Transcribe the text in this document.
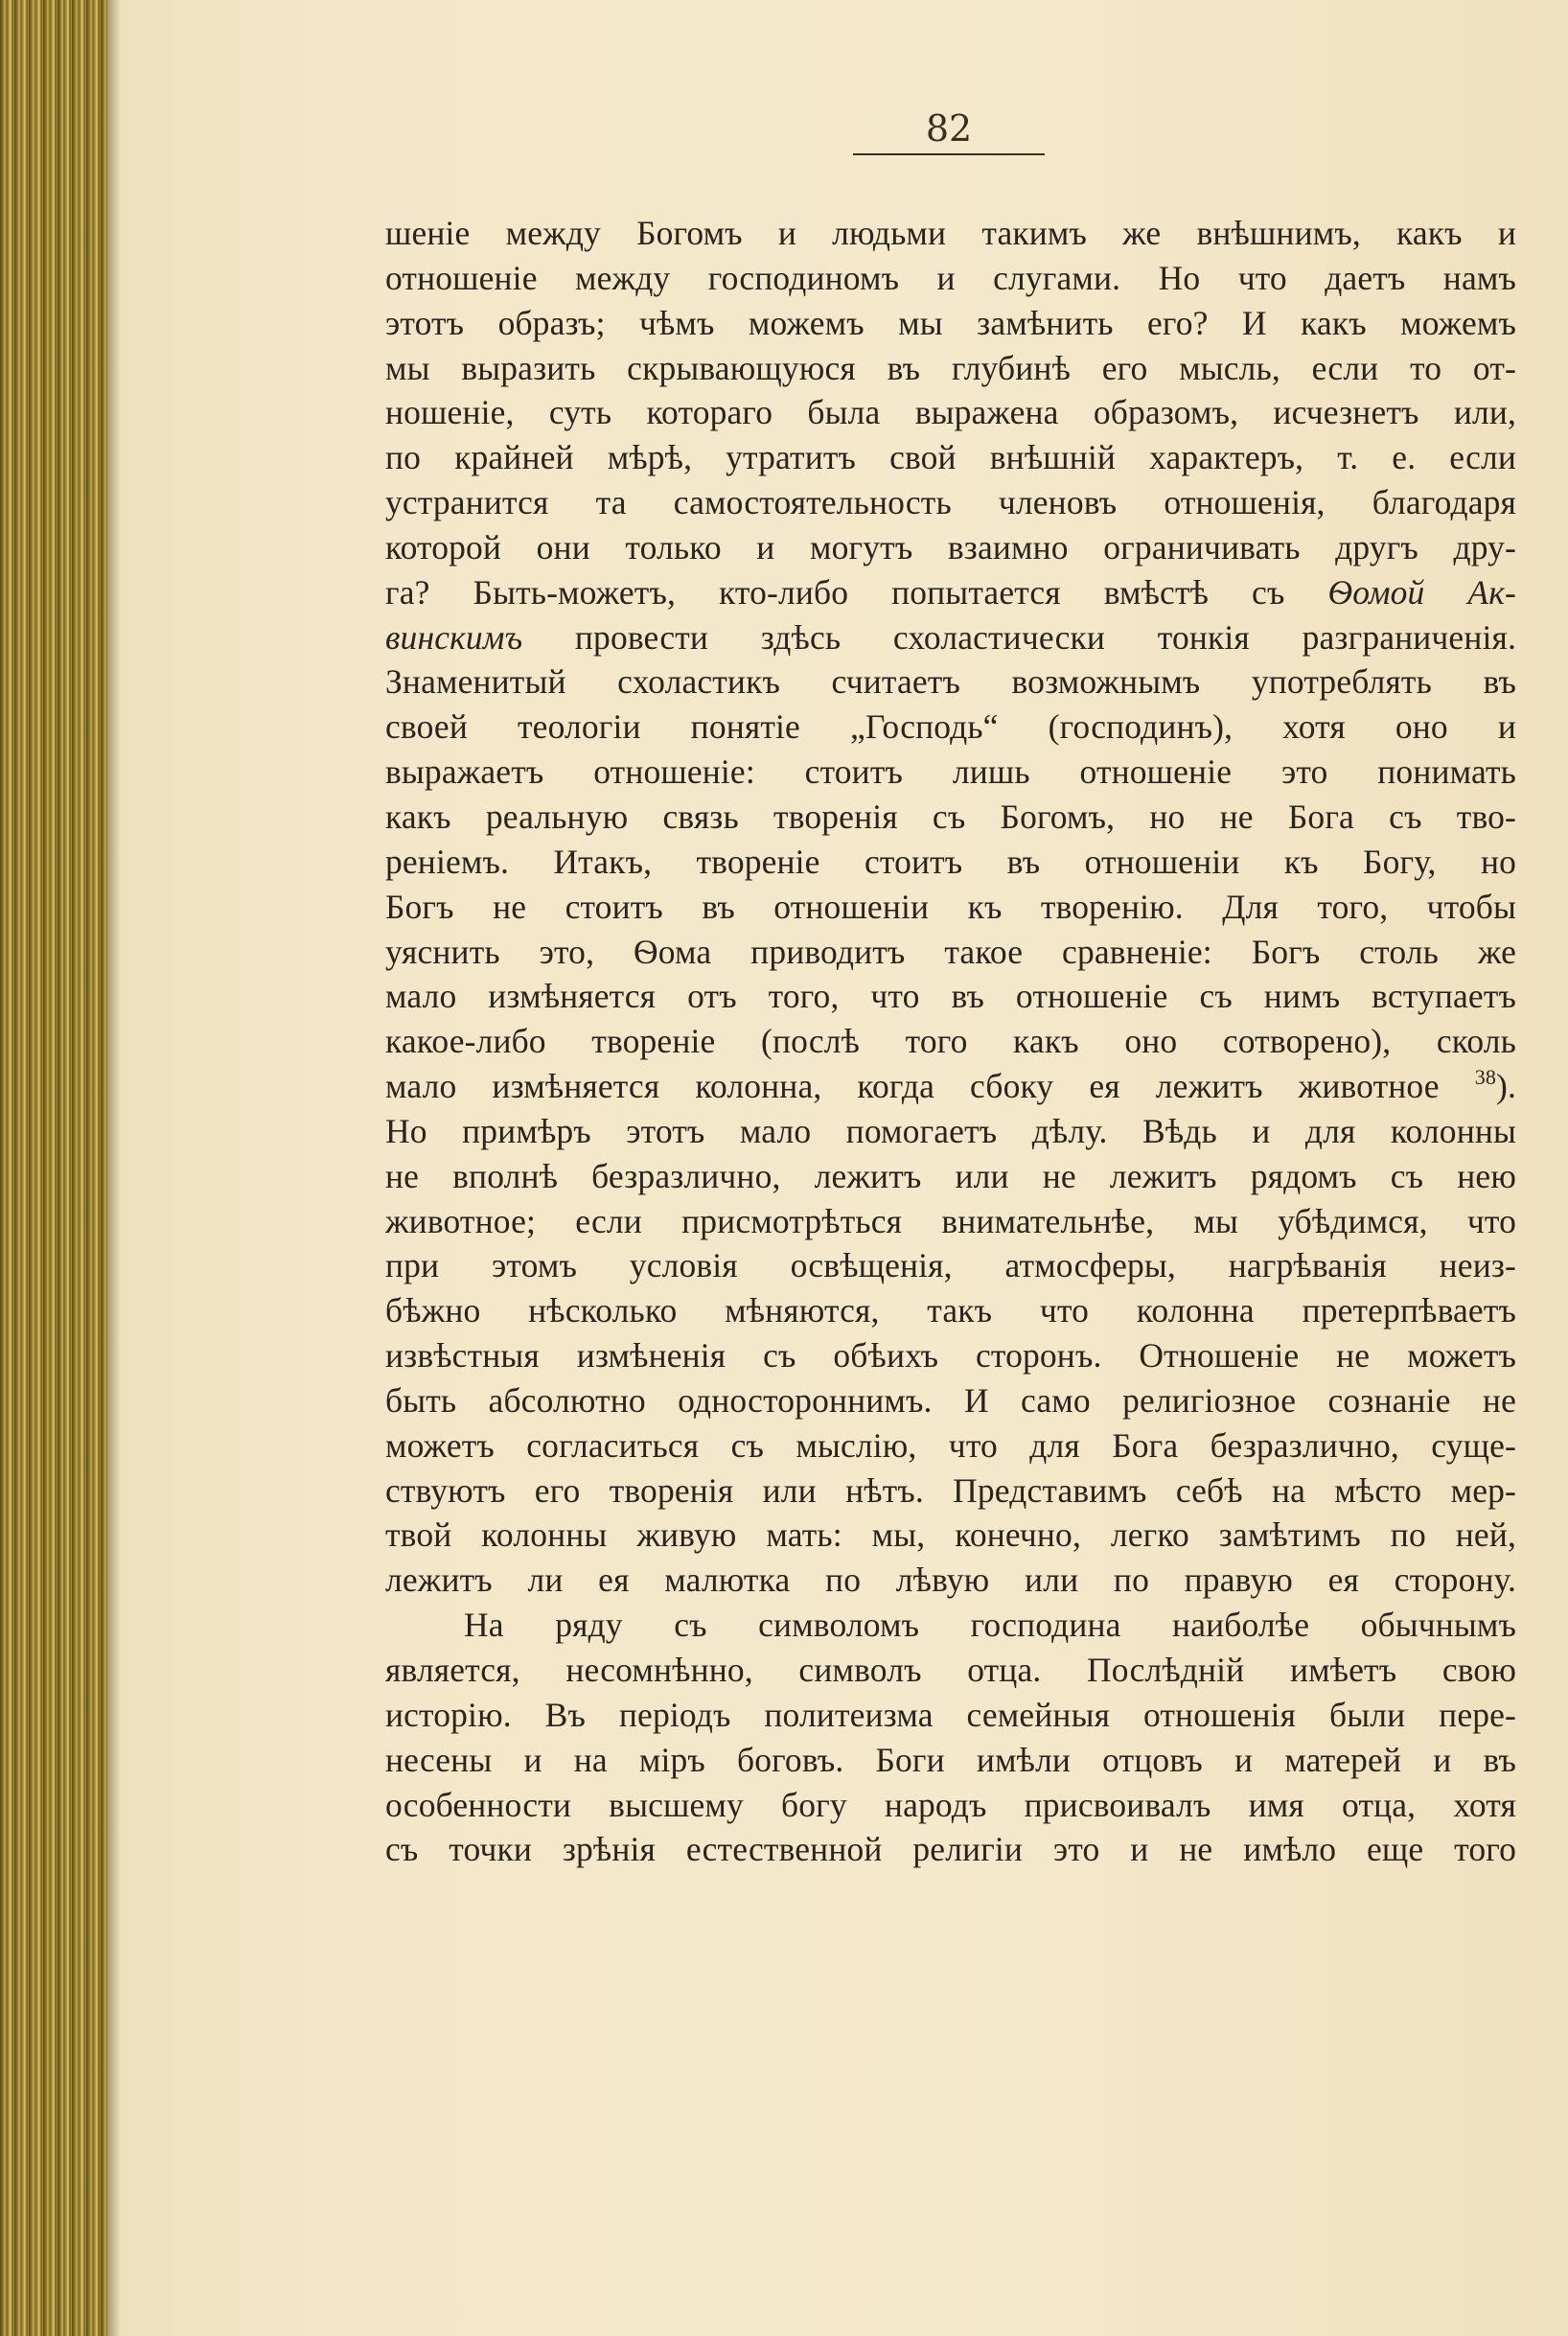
82
шеніе между Богомъ и людьми такимъ же внѣшнимъ, какъ и
отношеніе между господиномъ и слугами. Но что даетъ намъ
этотъ образъ; чѣмъ можемъ мы замѣнить его? И какъ можемъ
мы выразить скрывающуюся въ глубинѣ его мысль, если то от-
ношеніе, суть котораго была выражена образомъ, исчезнетъ или,
по крайней мѣрѣ, утратитъ свой внѣшній характеръ, т. е. если
устранится та самостоятельность членовъ отношенія, благодаря
которой они только и могутъ взаимно ограничивать другъ дру-
га? Быть-можетъ, кто-либо попытается вмѣстѣ съ Ѳомой Ак-
винскимъ провести здѣсь схоластически тонкія разграниченія.
Знаменитый схоластикъ считаетъ возможнымъ употреблять въ
своей теологіи понятіе „Господь“ (господинъ), хотя оно и
выражаетъ отношеніе: стоитъ лишь отношеніе это понимать
какъ реальную связь творенія съ Богомъ, но не Бога съ тво-
реніемъ. Итакъ, твореніе стоитъ въ отношеніи къ Богу, но
Богъ не стоитъ въ отношеніи къ творенію. Для того, чтобы
уяснить это, Ѳома приводитъ такое сравненіе: Богъ столь же
мало измѣняется отъ того, что въ отношеніе съ нимъ вступаетъ
какое-либо твореніе (послѣ того какъ оно сотворено), сколь
мало измѣняется колонна, когда сбоку ея лежитъ животное $^{38}$).
Но примѣръ этотъ мало помогаетъ дѣлу. Вѣдь и для колонны
не вполнѣ безразлично, лежитъ или не лежитъ рядомъ съ нею
животное; если присмотрѣться внимательнѣе, мы убѣдимся, что
при этомъ условія освѣщенія, атмосферы, нагрѣванія неиз-
бѣжно нѣсколько мѣняются, такъ что колонна претерпѣваетъ
извѣстныя измѣненія съ обѣихъ сторонъ. Отношеніе не можетъ
быть абсолютно одностороннимъ. И само религіозное сознаніе не
можетъ согласиться съ мыслію, что для Бога безразлично, суще-
ствуютъ его творенія или нѣтъ. Представимъ себѣ на мѣсто мер-
твой колонны живую мать: мы, конечно, легко замѣтимъ по ней,
лежитъ ли ея малютка по лѣвую или по правую ея сторону.
На ряду съ символомъ господина наиболѣе обычнымъ
является, несомнѣнно, символъ отца. Послѣдній имѣетъ свою
исторію. Въ періодъ политеизма семейныя отношенія были пере-
несены и на міръ боговъ. Боги имѣли отцовъ и матерей и въ
особенности высшему богу народъ присвоивалъ имя отца, хотя
съ точки зрѣнія естественной религіи это и не имѣло еще того
